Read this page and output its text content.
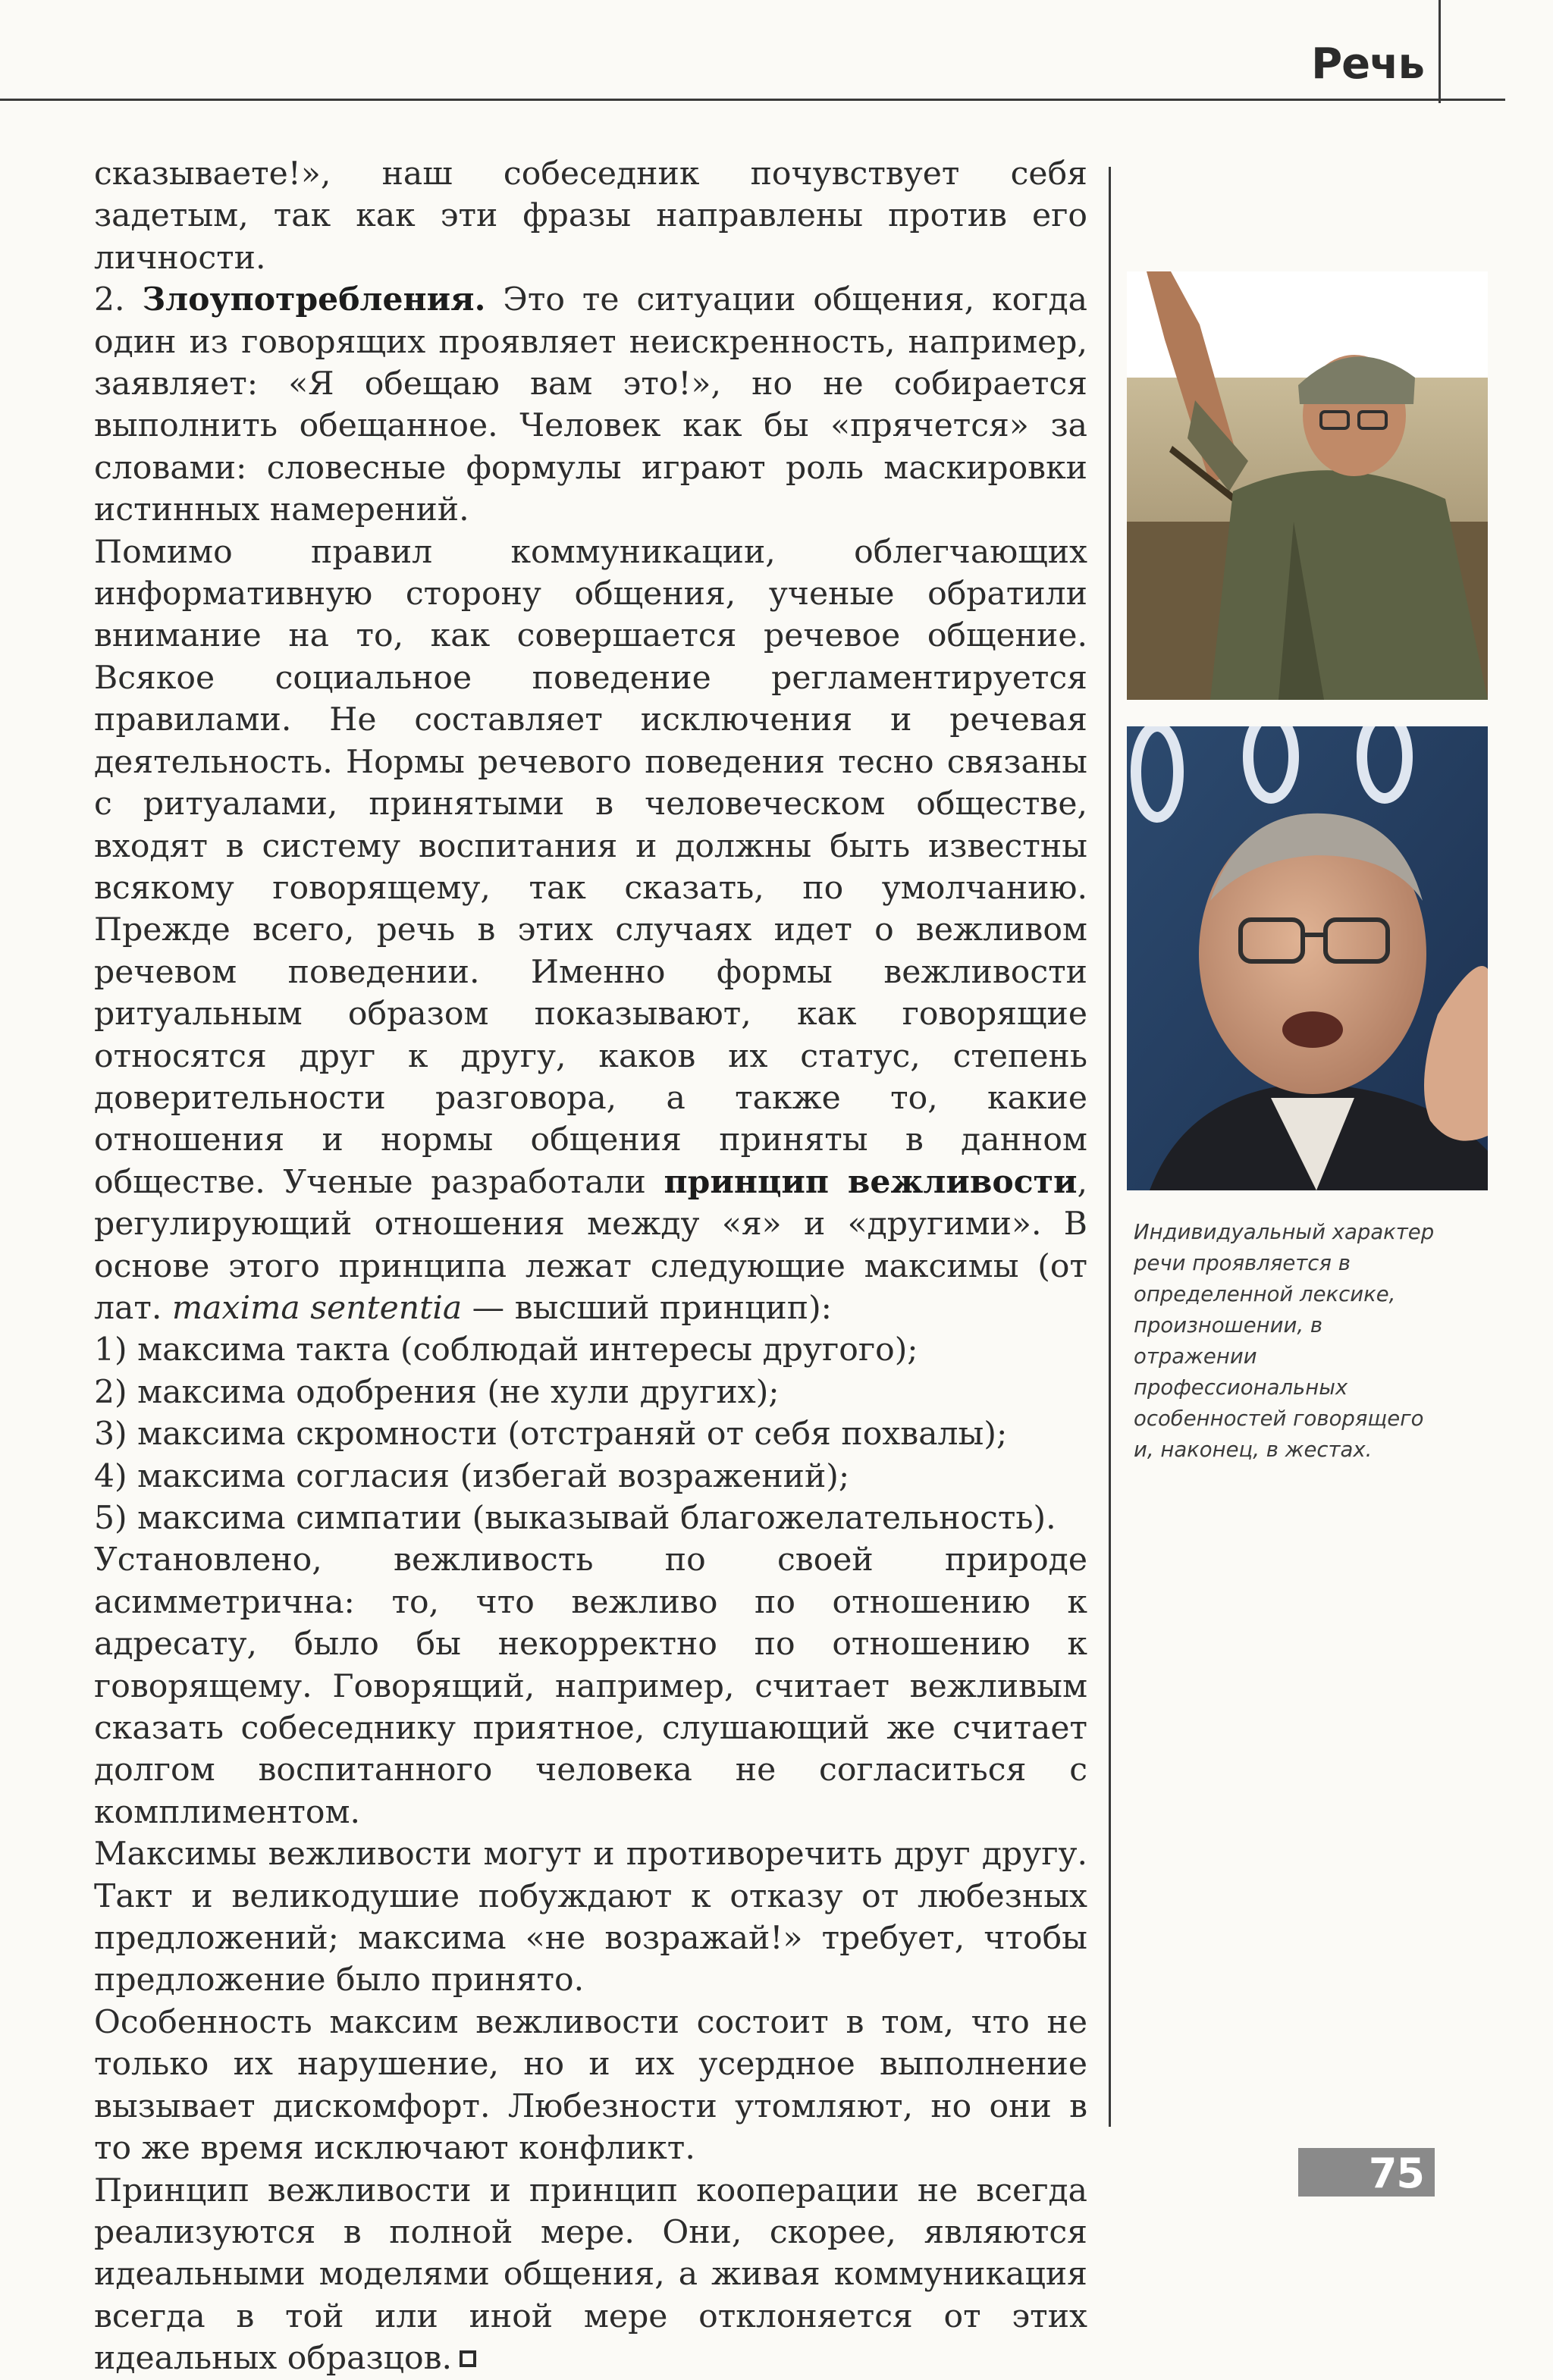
Речь

сказываете!», наш собеседник почувствует себя задетым, так как эти фразы направлены против его личности.

2. Злоупотребления. Это те ситуации общения, когда один из говорящих проявляет неискренность, например, заявляет: «Я обещаю вам это!», но не собирается выполнить обещанное. Человек как бы «прячется» за словами: словесные формулы играют роль маскировки истинных намерений.

Помимо правил коммуникации, облегчающих информативную сторону общения, ученые обратили внимание на то, как совершается речевое общение. Всякое социальное поведение регламентируется правилами. Не составляет исключения и речевая деятельность. Нормы речевого поведения тесно связаны с ритуалами, принятыми в человеческом обществе, входят в систему воспитания и должны быть известны всякому говорящему, так сказать, по умолчанию. Прежде всего, речь в этих случаях идет о вежливом речевом поведении. Именно формы вежливости ритуальным образом показывают, как говорящие относятся друг к другу, каков их статус, степень доверительности разговора, а также то, какие отношения и нормы общения приняты в данном обществе. Ученые разработали принцип вежливости, регулирующий отношения между «я» и «другими». В основе этого принципа лежат следующие максимы (от лат. maxima sententia — высший принцип):

1) максима такта (соблюдай интересы другого);

2) максима одобрения (не хули других);

3) максима скромности (отстраняй от себя похвалы);

4) максима согласия (избегай возражений);

5) максима симпатии (выказывай благожелательность).

Установлено, вежливость по своей природе асимметрична: то, что вежливо по отношению к адресату, было бы некорректно по отношению к говорящему. Говорящий, например, считает вежливым сказать собеседнику приятное, слушающий же считает долгом воспитанного человека не согласиться с комплиментом.

Максимы вежливости могут и противоречить друг другу. Такт и великодушие побуждают к отказу от любезных предложений; максима «не возражай!» требует, чтобы предложение было принято.

Особенность максим вежливости состоит в том, что не только их нарушение, но и их усердное выполнение вызывает дискомфорт. Любезности утомляют, но они в то же время исключают конфликт.

Принцип вежливости и принцип кооперации не всегда реализуются в полной мере. Они, скорее, являются идеальными моделями общения, а живая коммуникация всегда в той или иной мере отклоняется от этих идеальных образцов.

Индивидуальный характер речи проявляется в определенной лексике, произношении, в отражении профессиональных особенностей говорящего и, наконец, в жестах.
75
